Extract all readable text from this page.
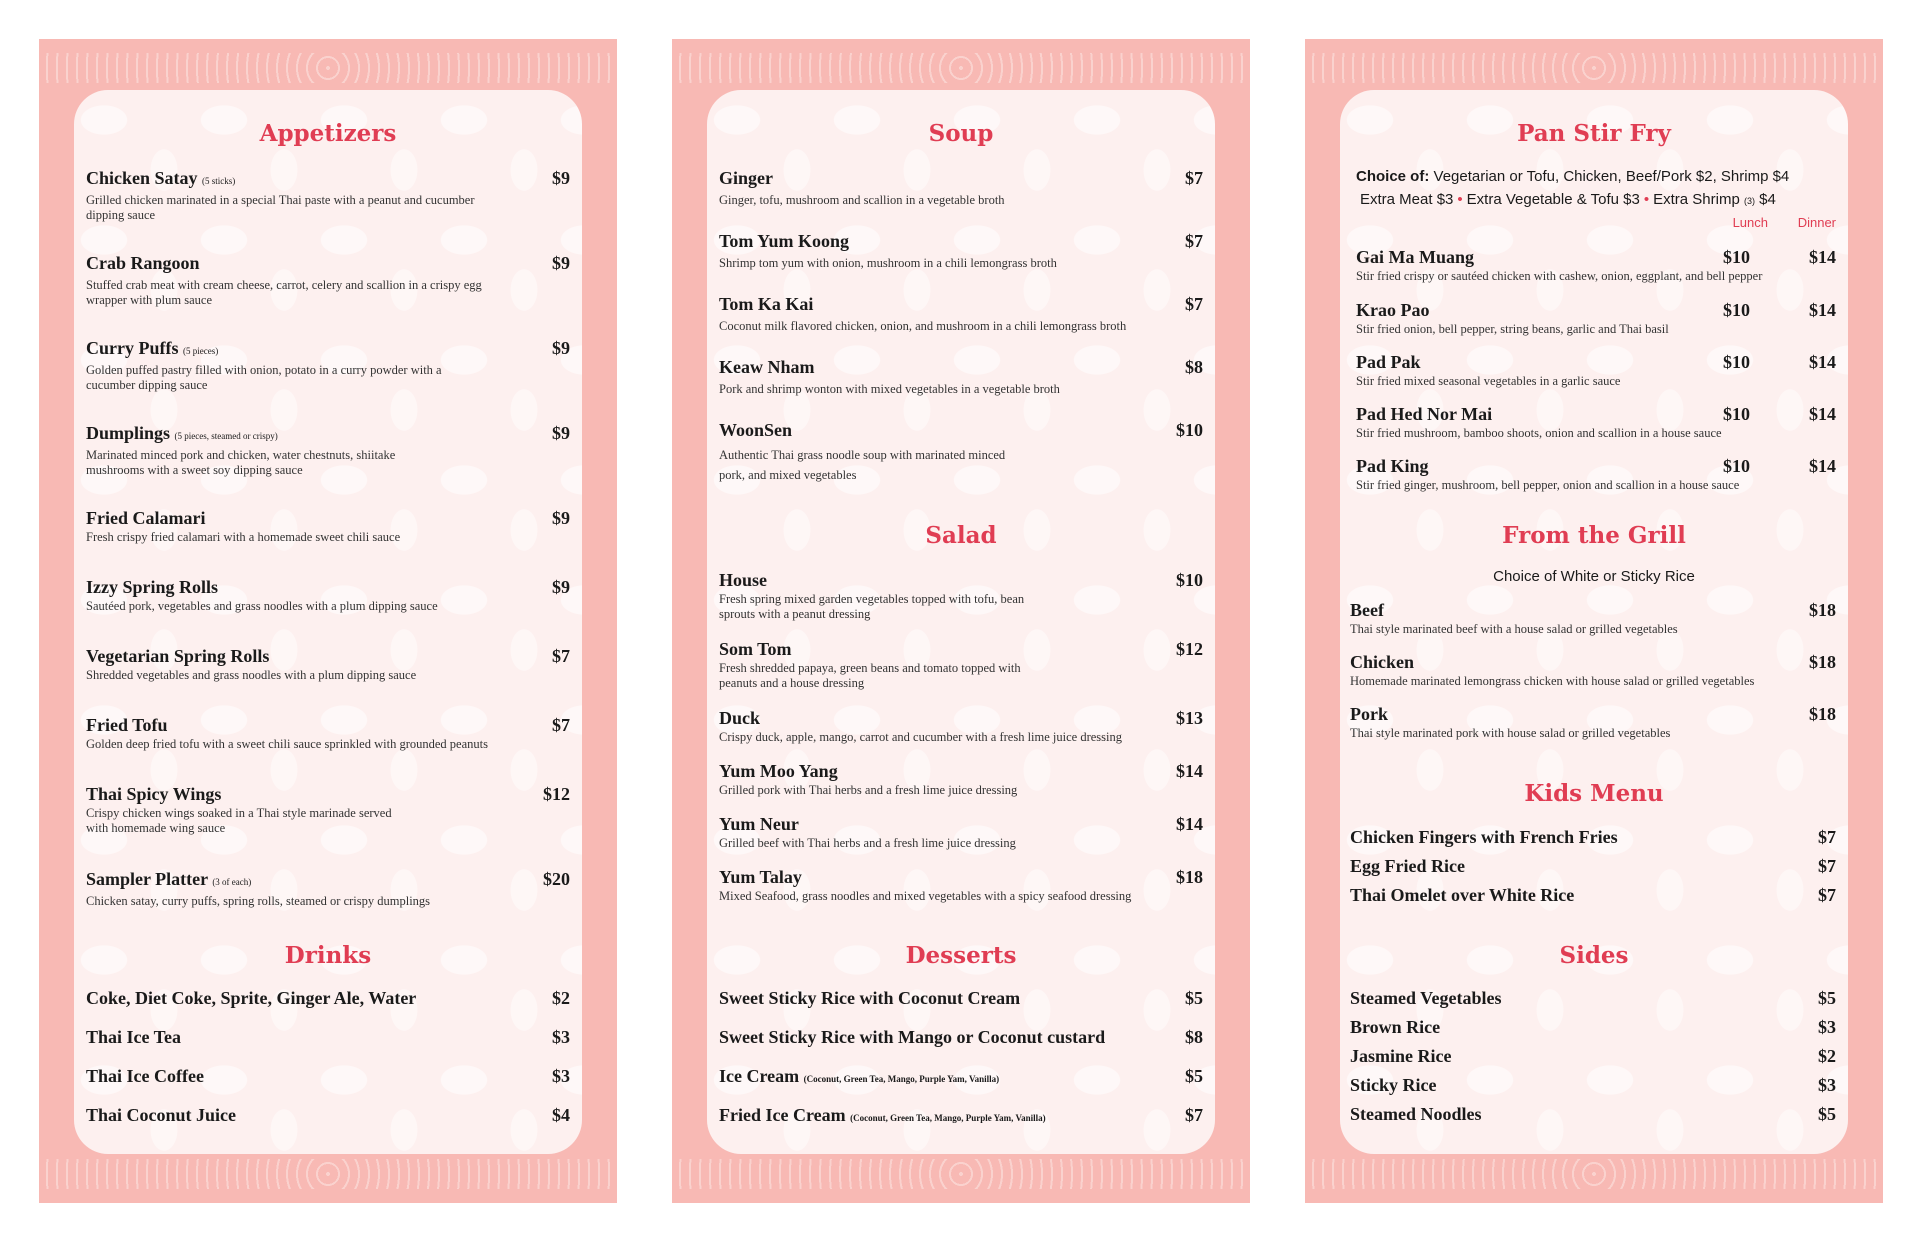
Appetizers
Chicken Satay (5 sticks)
Grilled chicken marinated in a special Thai paste with a peanut and cucumber dipping sauce
$9
Crab Rangoon
Stuffed crab meat with cream cheese, carrot, celery and scallion in a crispy egg wrapper with plum sauce
$9
Curry Puffs (5 pieces)
Golden puffed pastry filled with onion, potato in a curry powder with a cucumber dipping sauce
$9
Dumplings (5 pieces, steamed or crispy)
Marinated minced pork and chicken, water chestnuts, shiitake mushrooms with a sweet soy dipping sauce
$9
Fried Calamari
Fresh crispy fried calamari with a homemade sweet chili sauce
$9
Izzy Spring Rolls
Sautéed pork, vegetables and grass noodles with a plum dipping sauce
$9
Vegetarian Spring Rolls
Shredded vegetables and grass noodles with a plum dipping sauce
$7
Fried Tofu
Golden deep fried tofu with a sweet chili sauce sprinkled with grounded peanuts
$7
Thai Spicy Wings
Crispy chicken wings soaked in a Thai style marinade served with homemade wing sauce
$12
Sampler Platter (3 of each)
Chicken satay, curry puffs, spring rolls, steamed or crispy dumplings
$20
Drinks
Coke, Diet Coke, Sprite, Ginger Ale, Water	$2
Thai Ice Tea	$3
Thai Ice Coffee	$3
Thai Coconut Juice	$4
Soup
Ginger
Ginger, tofu, mushroom and scallion in a vegetable broth
$7
Tom Yum Koong
Shrimp tom yum with onion, mushroom in a chili lemongrass broth
$7
Tom Ka Kai
Coconut milk flavored chicken, onion, and mushroom in a chili lemongrass broth
$7
Keaw Nham
Pork and shrimp wonton with mixed vegetables in a vegetable broth
$8
WoonSen
Authentic Thai grass noodle soup with marinated minced pork, and mixed vegetables
$10
Salad
House
Fresh spring mixed garden vegetables topped with tofu, bean sprouts with a peanut dressing
$10
Som Tom
Fresh shredded papaya, green beans and tomato topped with peanuts and a house dressing
$12
Duck
Crispy duck, apple, mango, carrot and cucumber with a fresh lime juice dressing
$13
Yum Moo Yang
Grilled pork with Thai herbs and a fresh lime juice dressing
$14
Yum Neur
Grilled beef with Thai herbs and a fresh lime juice dressing
$14
Yum Talay
Mixed Seafood, grass noodles and mixed vegetables with a spicy seafood dressing
$18
Desserts
Sweet Sticky Rice with Coconut Cream	$5
Sweet Sticky Rice with Mango or Coconut custard	$8
Ice Cream (Coconut, Green Tea, Mango, Purple Yam, Vanilla)	$5
Fried Ice Cream (Coconut, Green Tea, Mango, Purple Yam, Vanilla)	$7
Pan Stir Fry
Choice of: Vegetarian or Tofu, Chicken, Beef/Pork $2, Shrimp $4
Extra Meat $3 • Extra Vegetable & Tofu $3 • Extra Shrimp (3) $4
Lunch Dinner
Gai Ma Muang
Stir fried crispy or sautéed chicken with cashew, onion, eggplant, and bell pepper
$10	$14
Krao Pao
Stir fried onion, bell pepper, string beans, garlic and Thai basil
$10	$14
Pad Pak
Stir fried mixed seasonal vegetables in a garlic sauce
$10	$14
Pad Hed Nor Mai
Stir fried mushroom, bamboo shoots, onion and scallion in a house sauce
$10	$14
Pad King
Stir fried ginger, mushroom, bell pepper, onion and scallion in a house sauce
$10	$14
From the Grill
Choice of White or Sticky Rice
Beef
Thai style marinated beef with a house salad or grilled vegetables
$18
Chicken
Homemade marinated lemongrass chicken with house salad or grilled vegetables
$18
Pork
Thai style marinated pork with house salad or grilled vegetables
$18
Kids Menu
Chicken Fingers with French Fries	$7
Egg Fried Rice	$7
Thai Omelet over White Rice	$7
Sides
Steamed Vegetables	$5
Brown Rice	$3
Jasmine Rice	$2
Sticky Rice	$3
Steamed Noodles	$5
